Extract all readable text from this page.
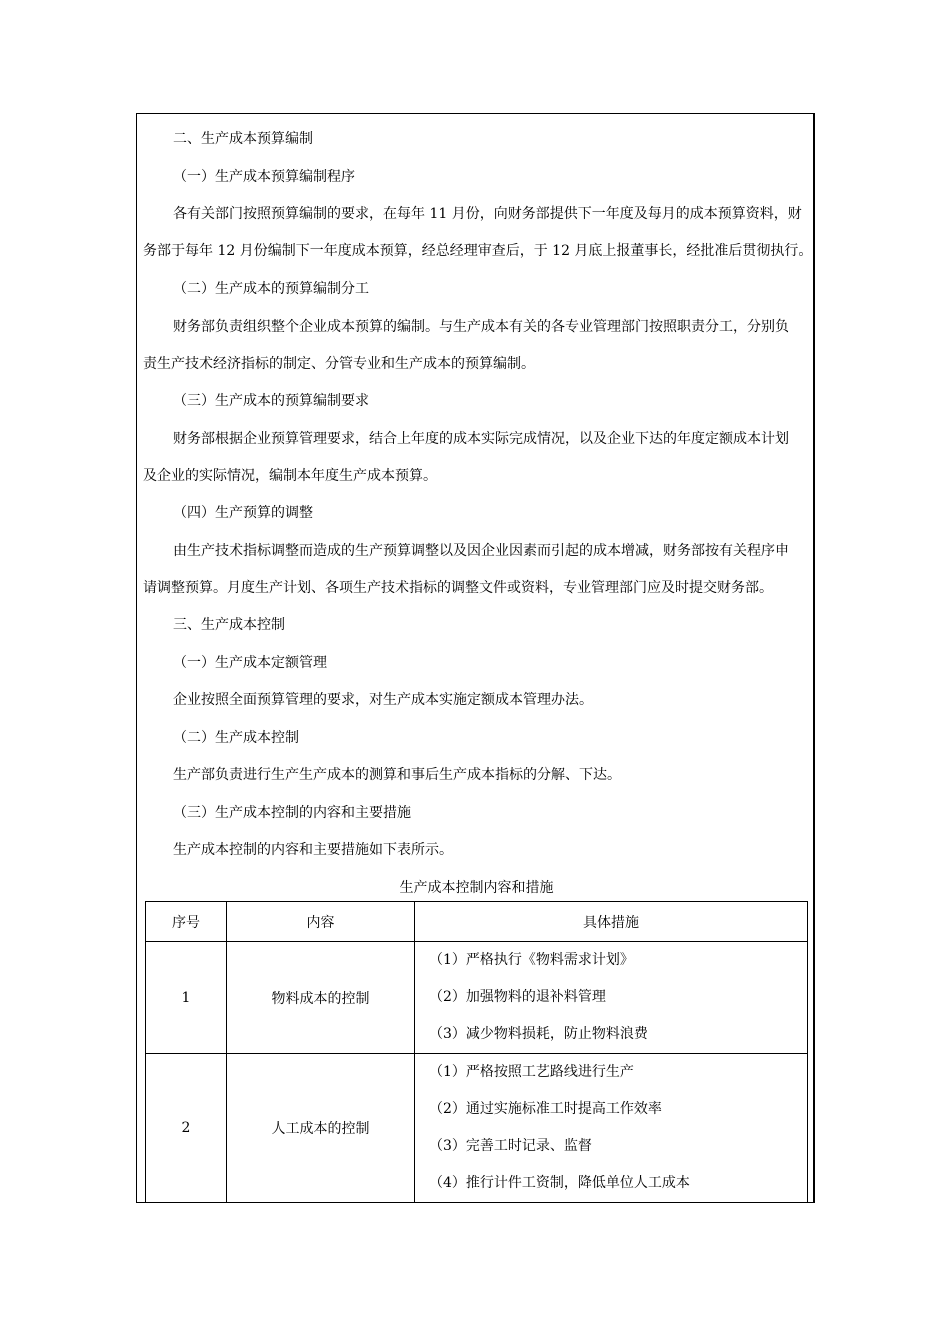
二、生产成本预算编制
（一）生产成本预算编制程序
各有关部门按照预算编制的要求，在每年 11 月份，向财务部提供下一年度及每月的成本预算资料，财
务部于每年 12 月份编制下一年度成本预算，经总经理审查后，于 12 月底上报董事长，经批准后贯彻执行。
（二）生产成本的预算编制分工
财务部负责组织整个企业成本预算的编制。与生产成本有关的各专业管理部门按照职责分工，分别负
责生产技术经济指标的制定、分管专业和生产成本的预算编制。
（三）生产成本的预算编制要求
财务部根据企业预算管理要求，结合上年度的成本实际完成情况，以及企业下达的年度定额成本计划
及企业的实际情况，编制本年度生产成本预算。
（四）生产预算的调整
由生产技术指标调整而造成的生产预算调整以及因企业因素而引起的成本增减，财务部按有关程序申
请调整预算。月度生产计划、各项生产技术指标的调整文件或资料，专业管理部门应及时提交财务部。
三、生产成本控制
（一）生产成本定额管理
企业按照全面预算管理的要求，对生产成本实施定额成本管理办法。
（二）生产成本控制
生产部负责进行生产生产成本的测算和事后生产成本指标的分解、下达。
（三）生产成本控制的内容和主要措施
生产成本控制的内容和主要措施如下表所示。
生产成本控制内容和措施
序号	内容	具体措施
1	物料成本的控制	（1）严格执行《物料需求计划》
（2）加强物料的退补料管理
（3）减少物料损耗，防止物料浪费

2	人工成本的控制	（1）严格按照工艺路线进行生产
（2）通过实施标准工时提高工作效率
（3）完善工时记录、监督
（4）推行计件工资制，降低单位人工成本
